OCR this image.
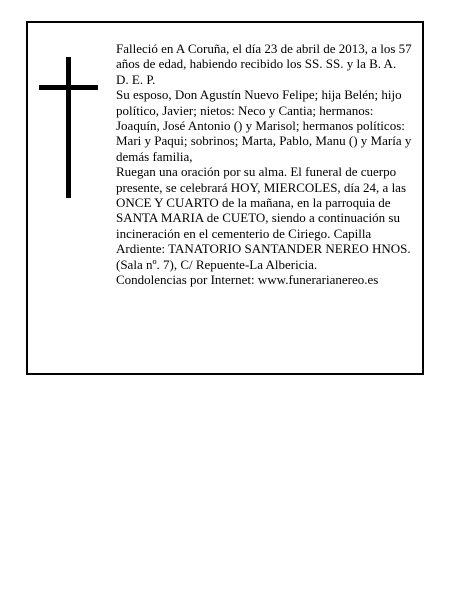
Falleció en A Coruña, el día 23 de abril de 2013, a los 57 años de edad, habiendo recibido los SS. SS. y la B. A.

D. E. P.

Su esposo, Don Agustín Nuevo Felipe; hija Belén; hijo político, Javier; nietos: Neco y Cantia; hermanos: Joaquín, José Antonio () y Marisol; hermanos políticos: Mari y Paqui; sobrinos; Marta, Pablo, Manu () y María y demás familia,

Ruegan una oración por su alma. El funeral de cuerpo presente, se celebrará HOY, MIERCOLES, día 24, a las ONCE Y CUARTO de la mañana, en la parroquia de SANTA MARIA de CUETO, siendo a continuación su incineración en el cementerio de Ciriego. Capilla Ardiente: TANATORIO SANTANDER NEREO HNOS. (Sala nº. 7), C/ Repuente-La Albericia.

Condolencias por Internet: www.funerarianereo.es
